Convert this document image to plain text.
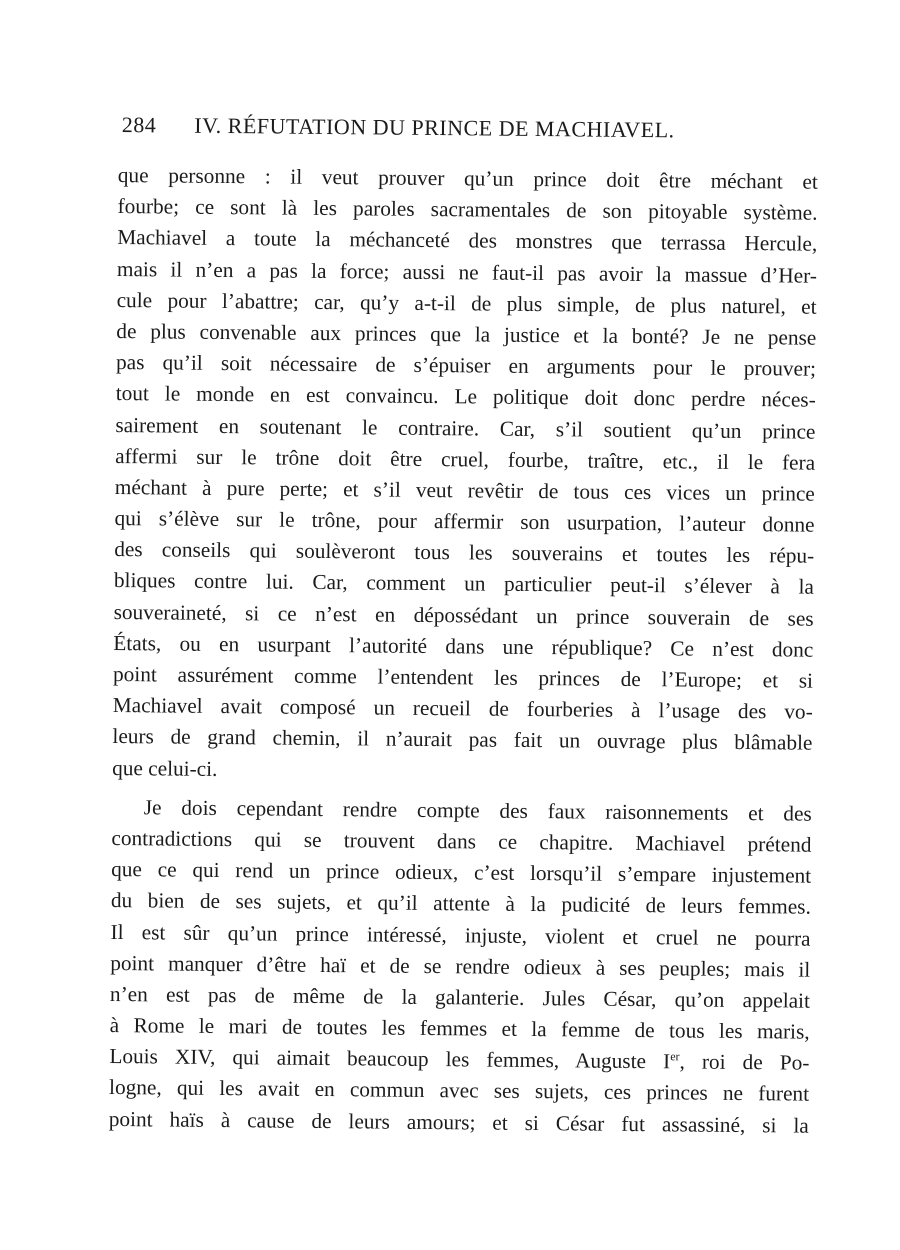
284 IV. RÉFUTATION DU PRINCE DE MACHIAVEL.
que personne : il veut prouver qu’un prince doit être méchant et
fourbe; ce sont là les paroles sacramentales de son pitoyable système.
Machiavel a toute la méchanceté des monstres que terrassa Hercule,
mais il n’en a pas la force; aussi ne faut-il pas avoir la massue d’Her-
cule pour l’abattre; car, qu’y a-t-il de plus simple, de plus naturel, et
de plus convenable aux princes que la justice et la bonté? Je ne pense
pas qu’il soit nécessaire de s’épuiser en arguments pour le prouver;
tout le monde en est convaincu. Le politique doit donc perdre néces-
sairement en soutenant le contraire. Car, s’il soutient qu’un prince
affermi sur le trône doit être cruel, fourbe, traître, etc., il le fera
méchant à pure perte; et s’il veut revêtir de tous ces vices un prince
qui s’élève sur le trône, pour affermir son usurpation, l’auteur donne
des conseils qui soulèveront tous les souverains et toutes les répu-
bliques contre lui. Car, comment un particulier peut-il s’élever à la
souveraineté, si ce n’est en dépossédant un prince souverain de ses
États, ou en usurpant l’autorité dans une république? Ce n’est donc
point assurément comme l’entendent les princes de l’Europe; et si
Machiavel avait composé un recueil de fourberies à l’usage des vo-
leurs de grand chemin, il n’aurait pas fait un ouvrage plus blâmable
que celui-ci.
Je dois cependant rendre compte des faux raisonnements et des
contradictions qui se trouvent dans ce chapitre. Machiavel prétend
que ce qui rend un prince odieux, c’est lorsqu’il s’empare injustement
du bien de ses sujets, et qu’il attente à la pudicité de leurs femmes.
Il est sûr qu’un prince intéressé, injuste, violent et cruel ne pourra
point manquer d’être haï et de se rendre odieux à ses peuples; mais il
n’en est pas de même de la galanterie. Jules César, qu’on appelait
à Rome le mari de toutes les femmes et la femme de tous les maris,
Louis XIV, qui aimait beaucoup les femmes, Auguste Ier, roi de Po-
logne, qui les avait en commun avec ses sujets, ces princes ne furent
point haïs à cause de leurs amours; et si César fut assassiné, si la
